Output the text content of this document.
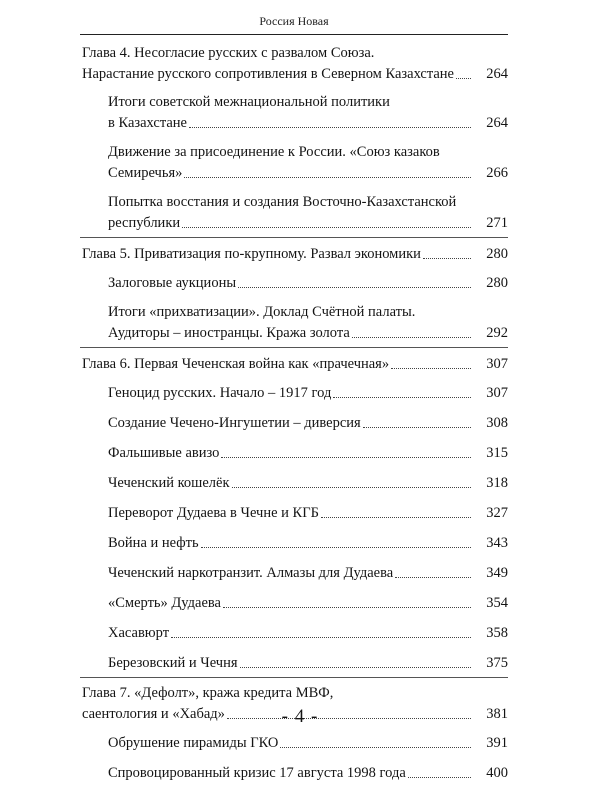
Россия Новая
Глава 4. Несогласие русских с развалом Союза.
Нарастание русского сопротивления в Северном Казахстане	264
Итоги советской межнациональной политики
в Казахстане	264
Движение за присоединение к России. «Союз казаков
Семиречья»	266
Попытка восстания и создания Восточно-Казахстанской
республики	271
Глава 5. Приватизация по-крупному. Развал экономики	280
Залоговые аукционы	280
Итоги «прихватизации». Доклад Счётной палаты.
Аудиторы – иностранцы. Кража золота	292
Глава 6. Первая Чеченская война как «прачечная»	307
Геноцид русских. Начало – 1917 год	307
Создание Чечено-Ингушетии – диверсия	308
Фальшивые авизо	315
Чеченский кошелёк	318
Переворот Дудаева в Чечне и КГБ	327
Война и нефть	343
Чеченский наркотранзит. Алмазы для Дудаева	349
«Смерть» Дудаева	354
Хасавюрт	358
Березовский и Чечня	375
Глава 7. «Дефолт», кража кредита МВФ,
саентология и «Хабад»	381
Обрушение пирамиды ГКО	391
Спровоцированный кризис 17 августа 1998 года	400
- 4 -
